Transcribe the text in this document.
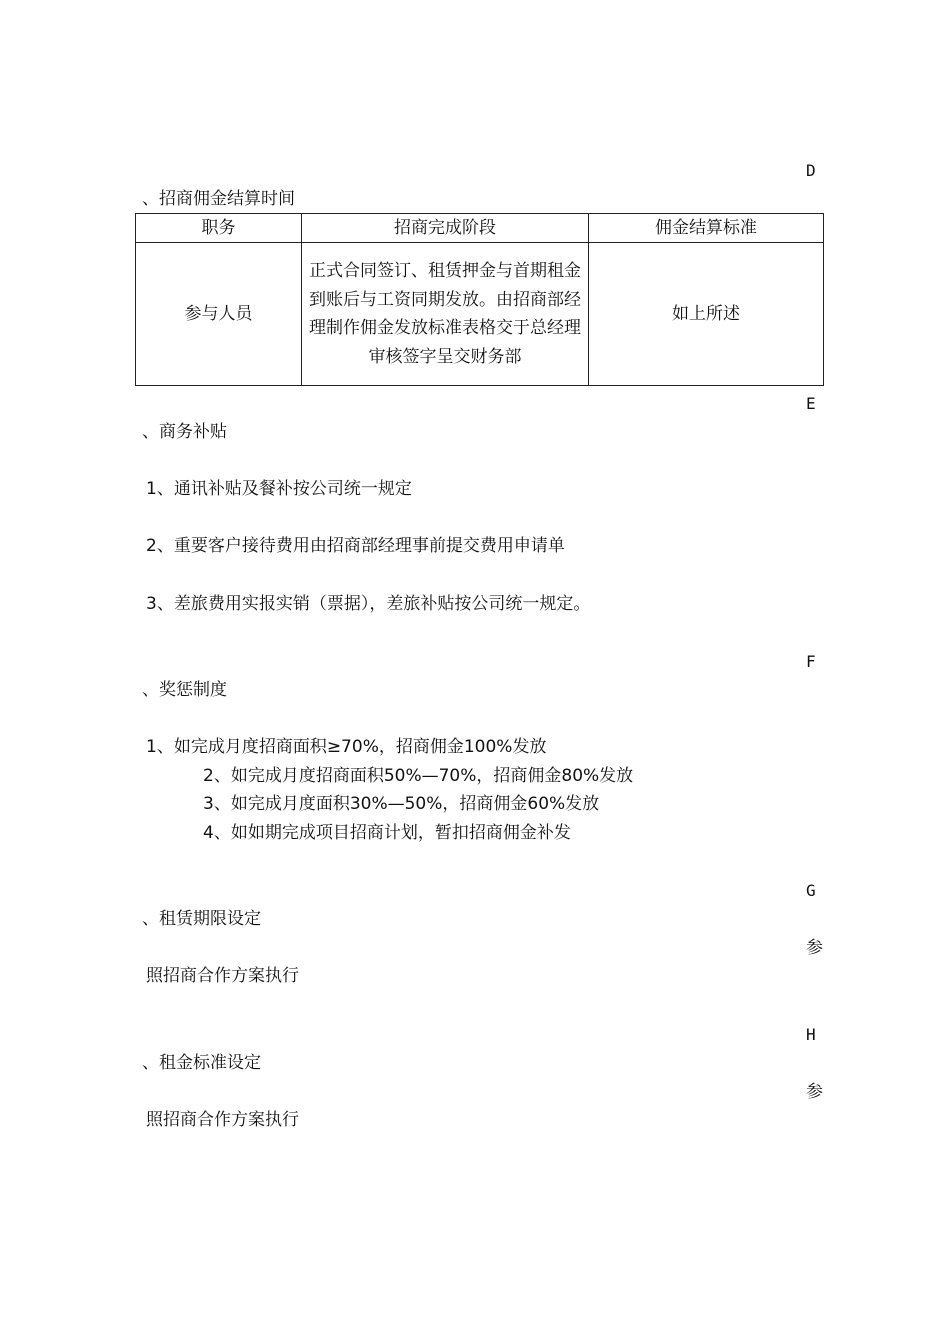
D
、招商佣金结算时间
职务	招商完成阶段	佣金结算标准
参与人员	正式合同签订、租赁押金与首期租金到账后与工资同期发放。由招商部经理制作佣金发放标准表格交于总经理审核签字呈交财务部	如上所述
E
、商务补贴
1、通讯补贴及餐补按公司统一规定
2、重要客户接待费用由招商部经理事前提交费用申请单
3、差旅费用实报实销（票据），差旅补贴按公司统一规定。
F
、奖惩制度
1、如完成月度招商面积≥70%，招商佣金100%发放
2、如完成月度招商面积50%—70%，招商佣金80%发放
3、如完成月度面积30%—50%，招商佣金60%发放
4、如如期完成项目招商计划，暂扣招商佣金补发
G
、租赁期限设定
参
照招商合作方案执行
H
、租金标准设定
参
照招商合作方案执行
